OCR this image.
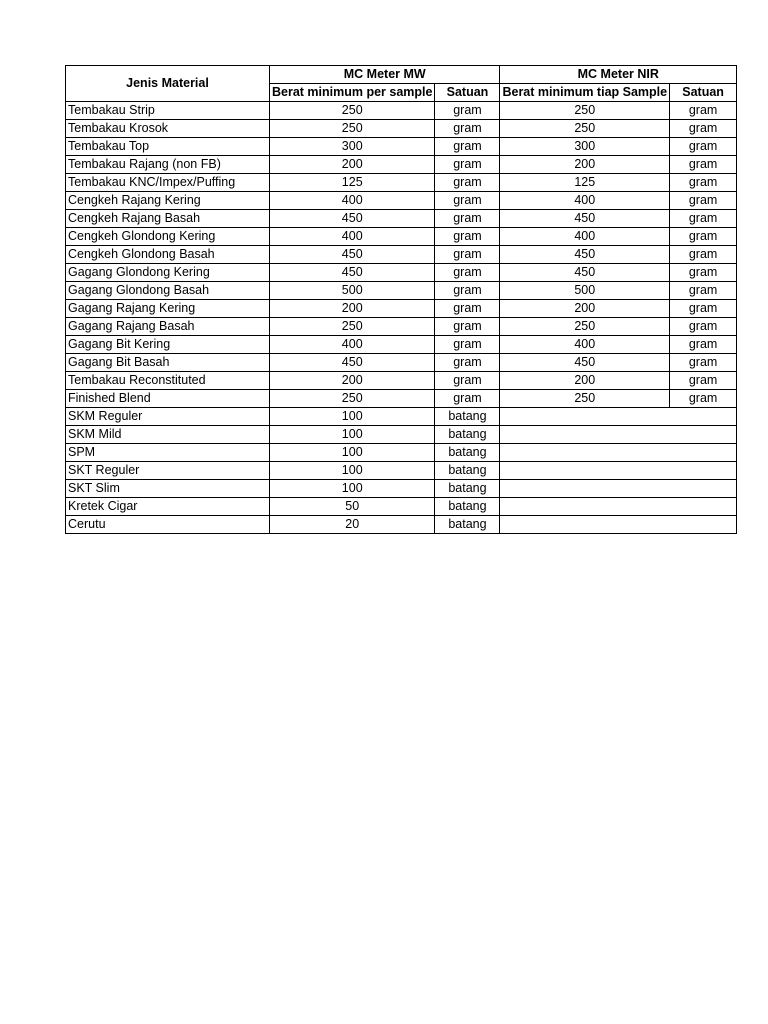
Jenis Material	MC Meter MW		MC Meter NIR	
	Berat minimum per sample	Satuan	Berat minimum tiap Sample	Satuan
Tembakau Strip	250	gram	250	gram
Tembakau Krosok	250	gram	250	gram
Tembakau Top	300	gram	300	gram
Tembakau Rajang (non FB)	200	gram	200	gram
Tembakau KNC/Impex/Puffing	125	gram	125	gram
Cengkeh Rajang Kering	400	gram	400	gram
Cengkeh Rajang Basah	450	gram	450	gram
Cengkeh Glondong Kering	400	gram	400	gram
Cengkeh Glondong Basah	450	gram	450	gram
Gagang Glondong Kering	450	gram	450	gram
Gagang Glondong Basah	500	gram	500	gram
Gagang Rajang Kering	200	gram	200	gram
Gagang Rajang Basah	250	gram	250	gram
Gagang Bit Kering	400	gram	400	gram
Gagang Bit Basah	450	gram	450	gram
Tembakau Reconstituted	200	gram	200	gram
Finished Blend	250	gram	250	gram
SKM Reguler	100	batang		
SKM Mild	100	batang		
SPM	100	batang		
SKT Reguler	100	batang		
SKT Slim	100	batang		
Kretek Cigar	50	batang		
Cerutu	20	batang		
